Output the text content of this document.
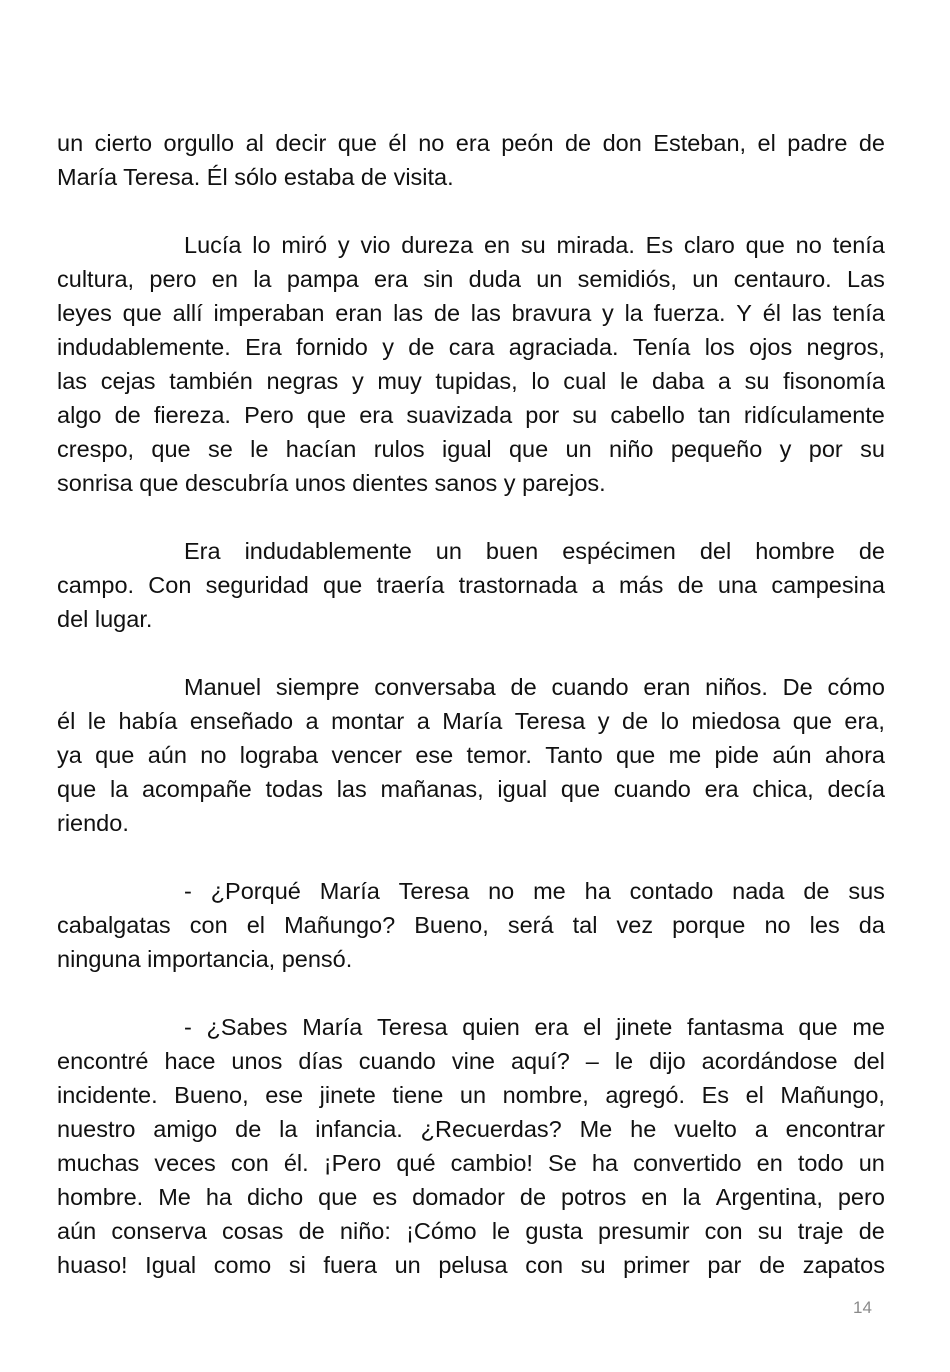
un cierto orgullo al decir que él no era peón de don Esteban, el padre de
María Teresa. Él sólo estaba de visita.
Lucía lo miró y vio dureza en su mirada. Es claro que no tenía
cultura, pero en la pampa era sin duda un semidiós, un centauro. Las
leyes que allí imperaban eran las de las bravura y la fuerza. Y él las tenía
indudablemente. Era fornido y de cara agraciada. Tenía los ojos negros,
las cejas también negras y muy tupidas, lo cual le daba a su fisonomía
algo de fiereza. Pero que era suavizada por su cabello tan ridículamente
crespo, que se le hacían rulos igual que un niño pequeño y por su
sonrisa que descubría unos dientes sanos y parejos.
Era indudablemente un buen espécimen del hombre de
campo. Con seguridad que traería trastornada a más de una campesina
del lugar.
Manuel siempre conversaba de cuando eran niños. De cómo
él le había enseñado a montar a María Teresa y de lo miedosa que era,
ya que aún no lograba vencer ese temor. Tanto que me pide aún ahora
que la acompañe todas las mañanas, igual que cuando era chica, decía
riendo.
- ¿Porqué María Teresa no me ha contado nada de sus
cabalgatas con el Mañungo? Bueno, será tal vez porque no les da
ninguna importancia, pensó.
- ¿Sabes María Teresa quien era el jinete fantasma que me
encontré hace unos días cuando vine aquí? – le dijo acordándose del
incidente. Bueno, ese jinete tiene un nombre, agregó. Es el Mañungo,
nuestro amigo de la infancia. ¿Recuerdas? Me he vuelto a encontrar
muchas veces con él. ¡Pero qué cambio! Se ha convertido en todo un
hombre. Me ha dicho que es domador de potros en la Argentina, pero
aún conserva cosas de niño: ¡Cómo le gusta presumir con su traje de
huaso! Igual como si fuera un pelusa con su primer par de zapatos
14
